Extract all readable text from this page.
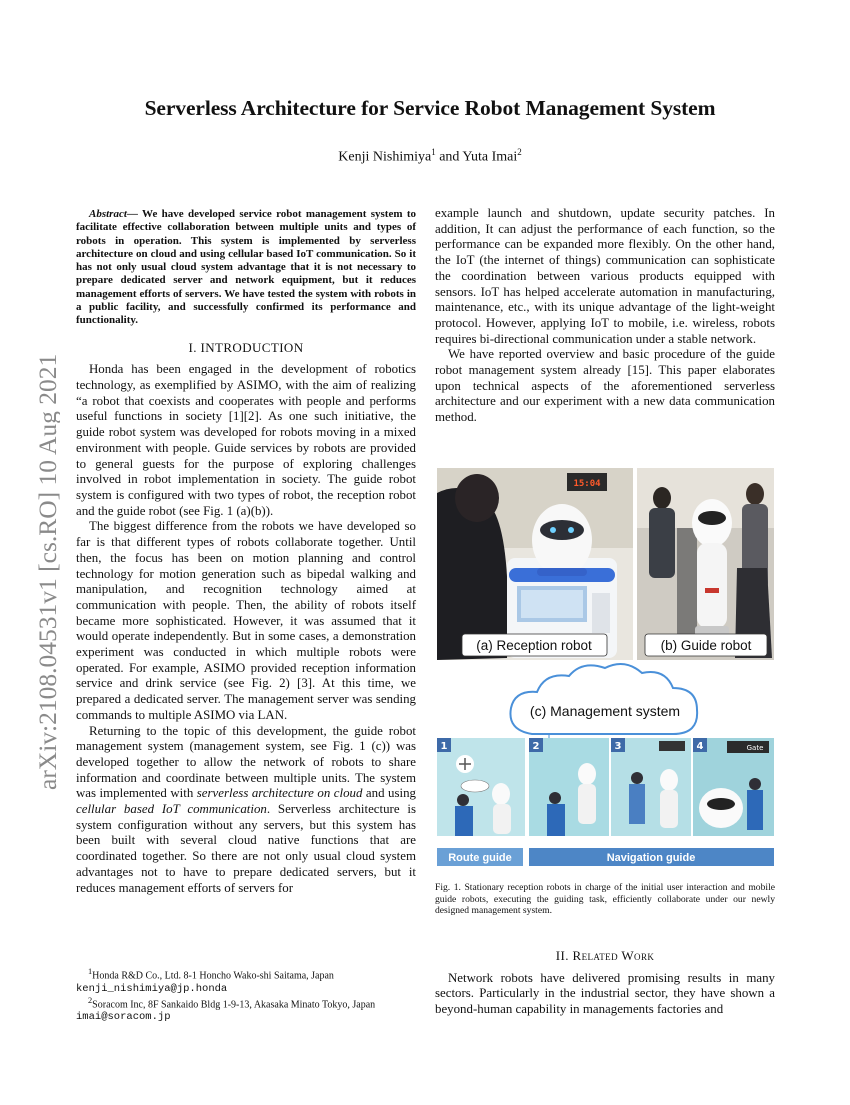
arXiv:2108.04531v1 [cs.RO] 10 Aug 2021
Serverless Architecture for Service Robot Management System
Kenji Nishimiya$^1$ and Yuta Imai$^2$

Abstract— We have developed service robot management system to facilitate effective collaboration between multiple units and types of robots in operation. This system is implemented by serverless architecture on cloud and using cellular based IoT communication. So it has not only usual cloud system advantage that it is not necessary to prepare dedicated server and network equipment, but it reduces management efforts of servers. We have tested the system with robots in a public facility, and successfully confirmed its performance and functionality.

I. INTRODUCTION

Honda has been engaged in the development of robotics technology, as exemplified by ASIMO, with the aim of realizing “a robot that coexists and cooperates with people and performs useful functions in society [1][2]. As one such initiative, the guide robot system was developed for robots moving in a mixed environment with people. Guide services by robots are provided to general guests for the purpose of exploring challenges involved in robot implementation in society. The guide robot system is configured with two types of robot, the reception robot and the guide robot (see Fig. 1 (a)(b)).

The biggest difference from the robots we have developed so far is that different types of robots collaborate together. Until then, the focus has been on motion planning and control technology for motion generation such as bipedal walking and manipulation, and recognition technology aimed at communication with people. Then, the ability of robots itself became more sophisticated. However, it was assumed that it would operate independently. But in some cases, a demonstration experiment was conducted in which multiple robots were operated. For example, ASIMO provided reception information service and drink service (see Fig. 2) [3]. At this time, we prepared a dedicated server. The management server was sending commands to multiple ASIMO via LAN.

Returning to the topic of this development, the guide robot management system (management system, see Fig. 1 (c)) was developed together to allow the network of robots to share information and coordinate between multiple units. The system was implemented with serverless architecture on cloud and using cellular based IoT communication. Serverless architecture is system configuration without any servers, but this system has been built with several cloud native functions that are coordinated together. So there are not only usual cloud system advantages not to have to prepare dedicated servers, but it reduces management efforts of servers for

$^1$Honda R&D Co., Ltd. 8-1 Honcho Wako-shi Saitama, Japan
kenji_nishimiya@jp.honda
$^2$Soracom Inc, 8F Sankaido Bldg 1-9-13, Akasaka Minato Tokyo, Japan
imai@soracom.jp

example launch and shutdown, update security patches. In addition, It can adjust the performance of each function, so the performance can be expanded more flexibly. On the other hand, the IoT (the internet of things) communication can sophisticate the coordination between various products equipped with sensors. IoT has helped accelerate automation in manufacturing, maintenance, etc., with its unique advantage of the light-weight protocol. However, applying IoT to mobile, i.e. wireless, robots requires bi-directional communication under a stable network.

We have reported overview and basic procedure of the guide robot management system already [15]. This paper elaborates upon technical aspects of the aforementioned serverless architecture and our experiment with a new data communication method.

15:04
(a) Reception robot	(b) Guide robot
(c) Management system
1	2	3	4	Gate
Route guide	Navigation guide
Fig. 1. Stationary reception robots in charge of the initial user interaction and mobile guide robots, executing the guiding task, efficiently collaborate under our newly designed management system.
II. Related Work

Network robots have delivered promising results in many sectors. Particularly in the industrial sector, they have shown a beyond-human capability in managements factories and
